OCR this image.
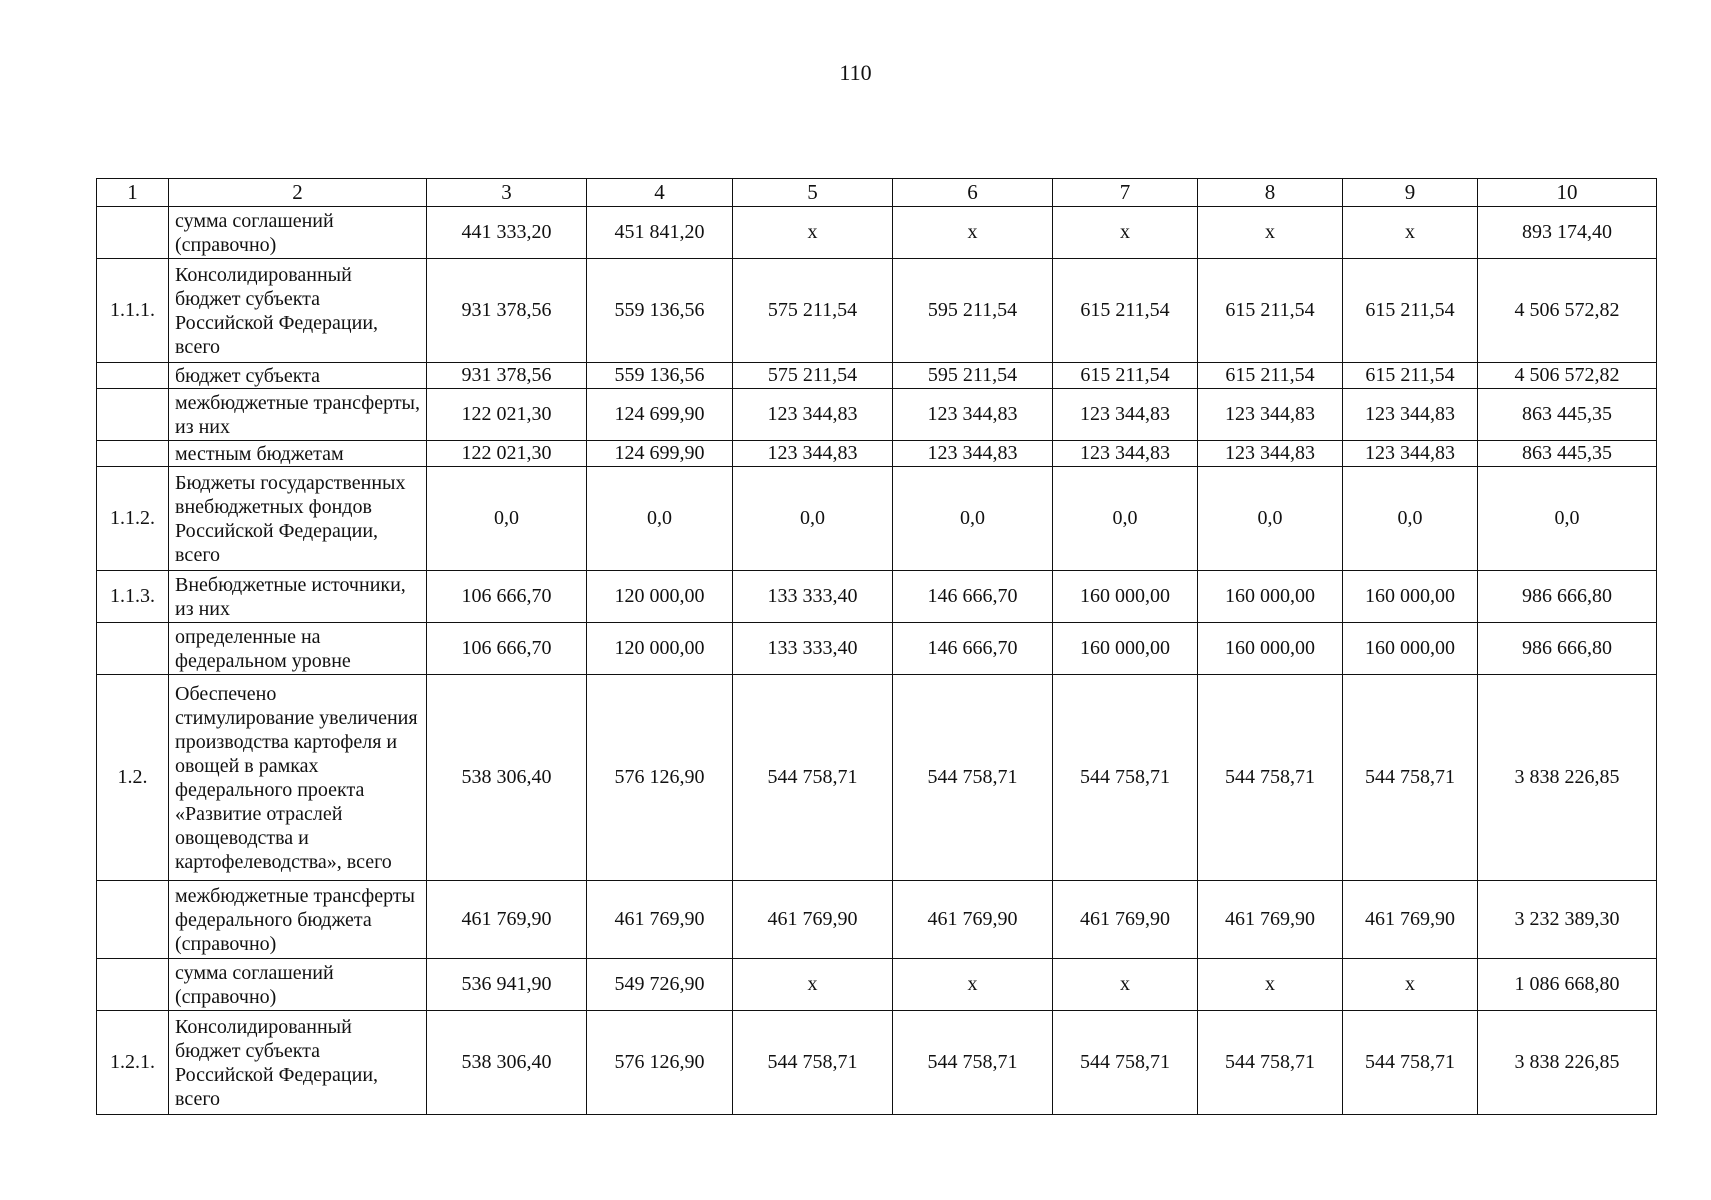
110
1	2	3	4	5	6	7	8	9	10
	сумма соглашений (справочно)	441 333,20	451 841,20	х	х	х	х	х	893 174,40
1.1.1.	Консолидированный бюджет субъекта Российской Федерации, всего	931 378,56	559 136,56	575 211,54	595 211,54	615 211,54	615 211,54	615 211,54	4 506 572,82
	бюджет субъекта	931 378,56	559 136,56	575 211,54	595 211,54	615 211,54	615 211,54	615 211,54	4 506 572,82
	межбюджетные трансферты, из них	122 021,30	124 699,90	123 344,83	123 344,83	123 344,83	123 344,83	123 344,83	863 445,35
	местным бюджетам	122 021,30	124 699,90	123 344,83	123 344,83	123 344,83	123 344,83	123 344,83	863 445,35
1.1.2.	Бюджеты государственных внебюджетных фондов Российской Федерации, всего	0,0	0,0	0,0	0,0	0,0	0,0	0,0	0,0
1.1.3.	Внебюджетные источники, из них	106 666,70	120 000,00	133 333,40	146 666,70	160 000,00	160 000,00	160 000,00	986 666,80
	определенные на федеральном уровне	106 666,70	120 000,00	133 333,40	146 666,70	160 000,00	160 000,00	160 000,00	986 666,80
1.2.	Обеспечено стимулирование увеличения производства картофеля и овощей в рамках федерального проекта «Развитие отраслей овощеводства и картофелеводства», всего	538 306,40	576 126,90	544 758,71	544 758,71	544 758,71	544 758,71	544 758,71	3 838 226,85
	межбюджетные трансферты федерального бюджета (справочно)	461 769,90	461 769,90	461 769,90	461 769,90	461 769,90	461 769,90	461 769,90	3 232 389,30
	сумма соглашений (справочно)	536 941,90	549 726,90	х	х	х	х	х	1 086 668,80
1.2.1.	Консолидированный бюджет субъекта Российской Федерации, всего	538 306,40	576 126,90	544 758,71	544 758,71	544 758,71	544 758,71	544 758,71	3 838 226,85
